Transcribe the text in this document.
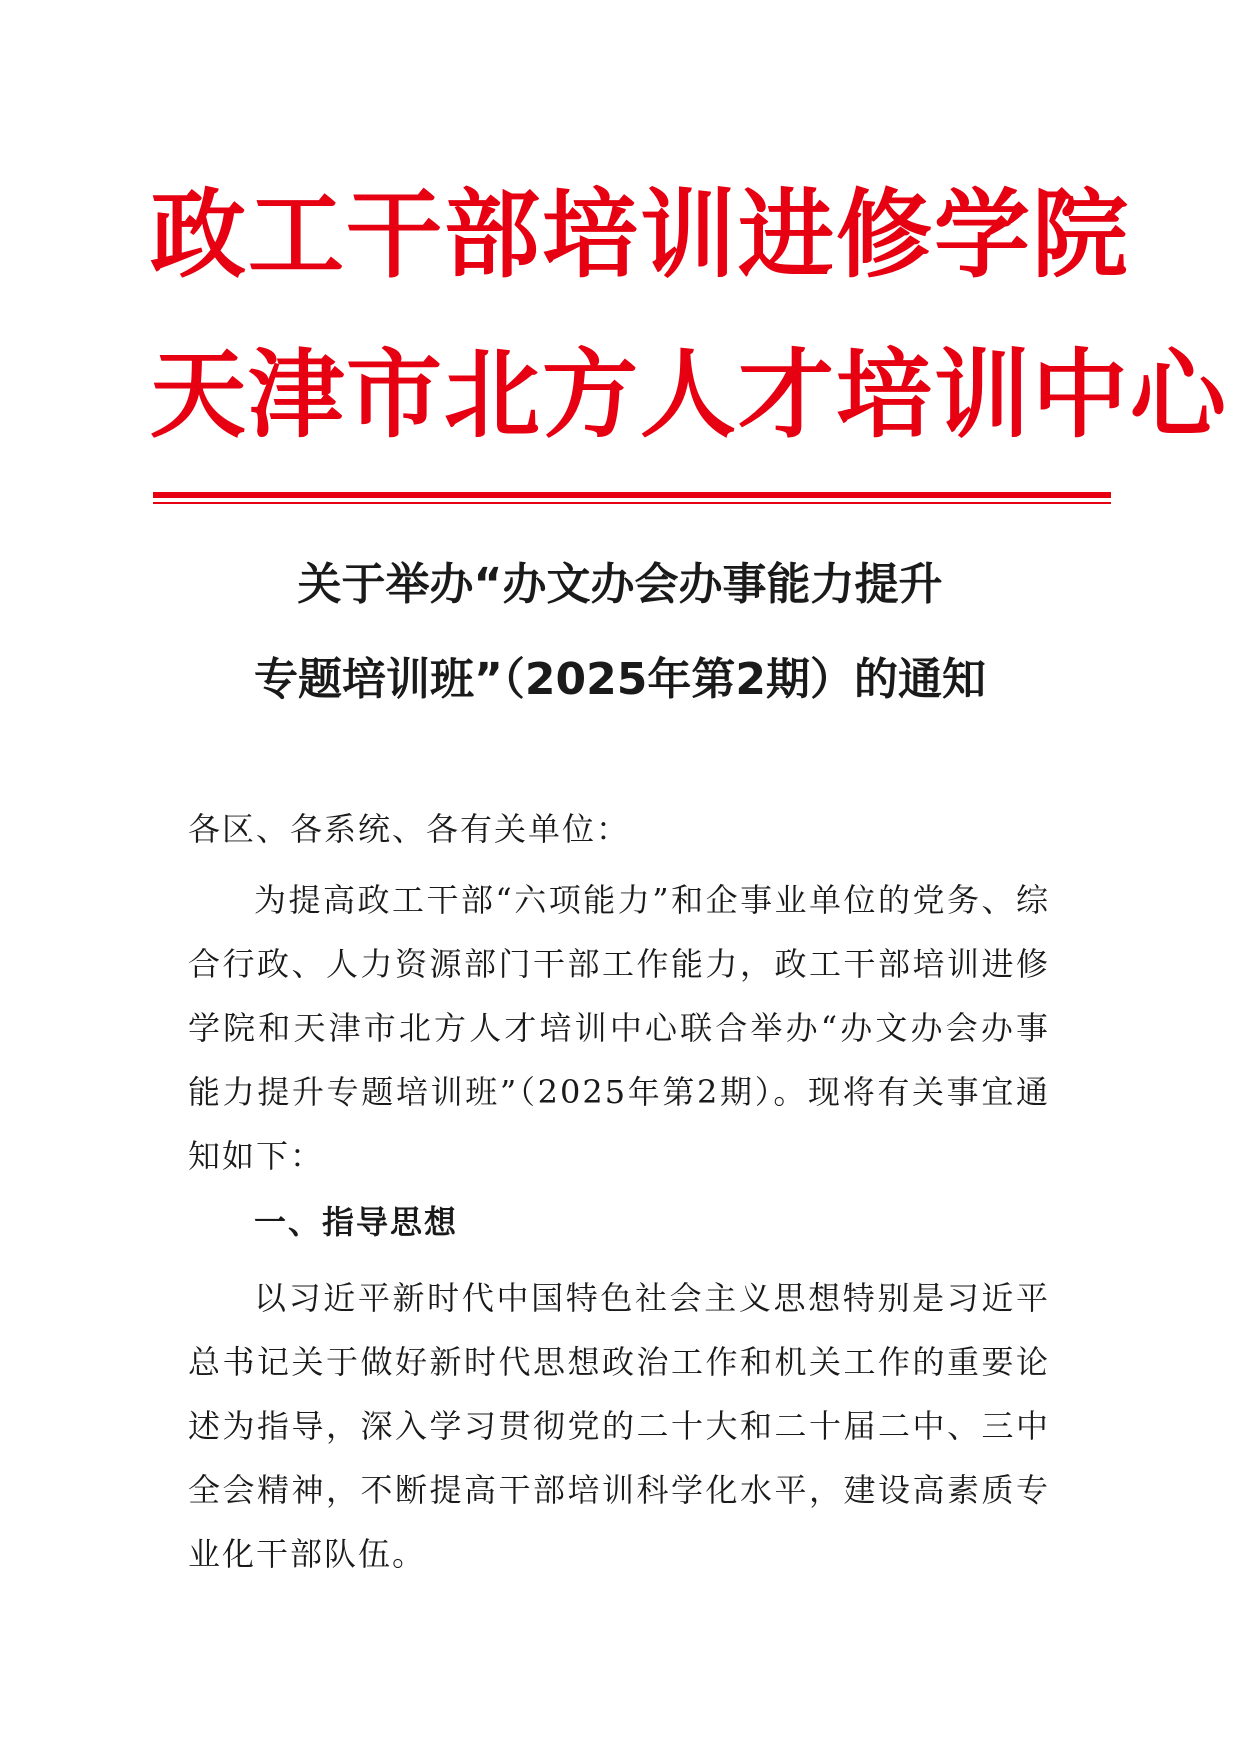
政工干部培训进修学院
天津市北方人才培训中心
关于举办“办文办会办事能力提升
专题培训班”（2025年第2期）的通知
各区、各系统、各有关单位：
为提高政工干部“六项能力”和企事业单位的党务、综合行政、人力资源部门干部工作能力，政工干部培训进修学院和天津市北方人才培训中心联合举办“办文办会办事能力提升专题培训班”（2025年第2期）。现将有关事宜通知如下：
一、指导思想
以习近平新时代中国特色社会主义思想特别是习近平总书记关于做好新时代思想政治工作和机关工作的重要论述为指导，深入学习贯彻党的二十大和二十届二中、三中全会精神，不断提高干部培训科学化水平，建设高素质专业化干部队伍。
